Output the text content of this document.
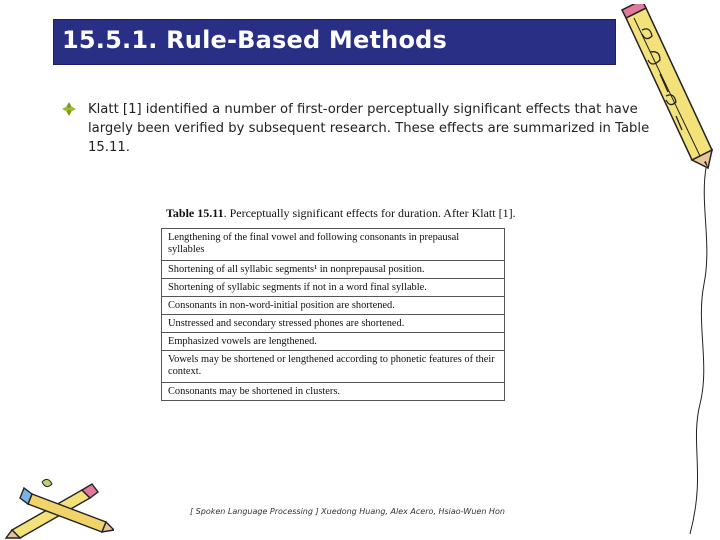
15.5.1. Rule-Based Methods
Klatt [1] identified a number of first-order perceptually significant effects that have largely been verified by subsequent research. These effects are summarized in Table 15.11.
Table 15.11. Perceptually significant effects for duration. After Klatt [1].
Lengthening of the final vowel and following consonants in prepausal syllables
Shortening of all syllabic segments¹ in nonprepausal position.
Shortening of syllabic segments if not in a word final syllable.
Consonants in non-word-initial position are shortened.
Unstressed and secondary stressed phones are shortened.
Emphasized vowels are lengthened.
Vowels may be shortened or lengthened according to phonetic features of their context.
Consonants may be shortened in clusters.
[ Spoken Language Processing ] Xuedong Huang, Alex Acero, Hsiao-Wuen Hon
